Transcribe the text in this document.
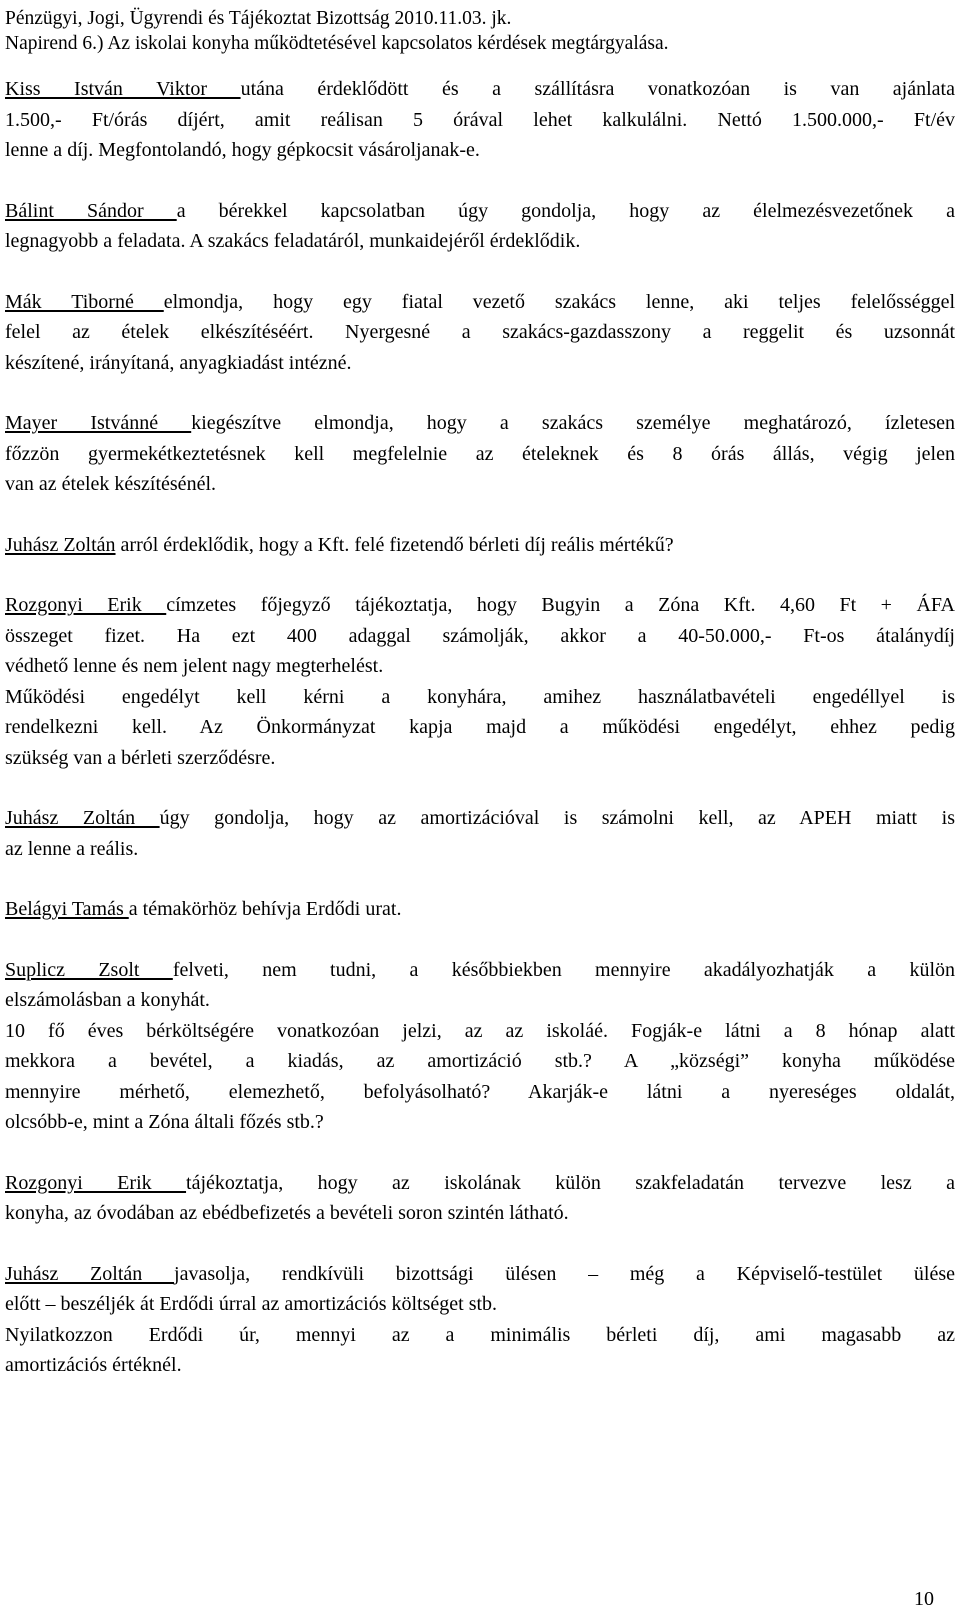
Pénzügyi, Jogi, Ügyrendi és Tájékoztat Bizottság 2010.11.03. jk.

Napirend 6.) Az iskolai konyha működtetésével kapcsolatos kérdések megtárgyalása.

Kiss István Viktor utána érdeklődött és a szállításra vonatkozóan is van ajánlata
1.500,- Ft/órás díjért, amit reálisan 5 órával lehet kalkulálni. Nettó 1.500.000,- Ft/év
lenne a díj. Megfontolandó, hogy gépkocsit vásároljanak-e.

Bálint Sándor a bérekkel kapcsolatban úgy gondolja, hogy az élelmezésvezetőnek a
legnagyobb a feladata. A szakács feladatáról, munkaidejéről érdeklődik.

Mák Tiborné elmondja, hogy egy fiatal vezető szakács lenne, aki teljes felelősséggel
felel az ételek elkészítéséért. Nyergesné a szakács-gazdasszony a reggelit és uzsonnát
készítené, irányítaná, anyagkiadást intézné.

Mayer Istvánné kiegészítve elmondja, hogy a szakács személye meghatározó, ízletesen
főzzön gyermekétkeztetésnek kell megfelelnie az ételeknek és 8 órás állás, végig jelen
van az ételek készítésénél.

Juhász Zoltán arról érdeklődik, hogy a Kft. felé fizetendő bérleti díj reális mértékű?

Rozgonyi Erik címzetes főjegyző tájékoztatja, hogy Bugyin a Zóna Kft. 4,60 Ft + ÁFA
összeget fizet. Ha ezt 400 adaggal számolják, akkor a 40-50.000,- Ft-os átalánydíj
védhető lenne és nem jelent nagy megterhelést.
Működési engedélyt kell kérni a konyhára, amihez használatbavételi engedéllyel is
rendelkezni kell. Az Önkormányzat kapja majd a működési engedélyt, ehhez pedig
szükség van a bérleti szerződésre.

Juhász Zoltán úgy gondolja, hogy az amortizációval is számolni kell, az APEH miatt is
az lenne a reális.

Belágyi Tamás a témakörhöz behívja Erdődi urat.

Suplicz Zsolt felveti, nem tudni, a későbbiekben mennyire akadályozhatják a külön
elszámolásban a konyhát.
10 fő éves bérköltségére vonatkozóan jelzi, az az iskoláé. Fogják-e látni a 8 hónap alatt
mekkora a bevétel, a kiadás, az amortizáció stb.? A „községi” konyha működése
mennyire mérhető, elemezhető, befolyásolható? Akarják-e látni a nyereséges oldalát,
olcsóbb-e, mint a Zóna általi főzés stb.?

Rozgonyi Erik tájékoztatja, hogy az iskolának külön szakfeladatán tervezve lesz a
konyha, az óvodában az ebédbefizetés a bevételi soron szintén látható.

Juhász Zoltán javasolja, rendkívüli bizottsági ülésen – még a Képviselő-testület ülése
előtt – beszéljék át Erdődi úrral az amortizációs költséget stb.
Nyilatkozzon Erdődi úr, mennyi az a minimális bérleti díj, ami magasabb az
amortizációs értéknél.

10
